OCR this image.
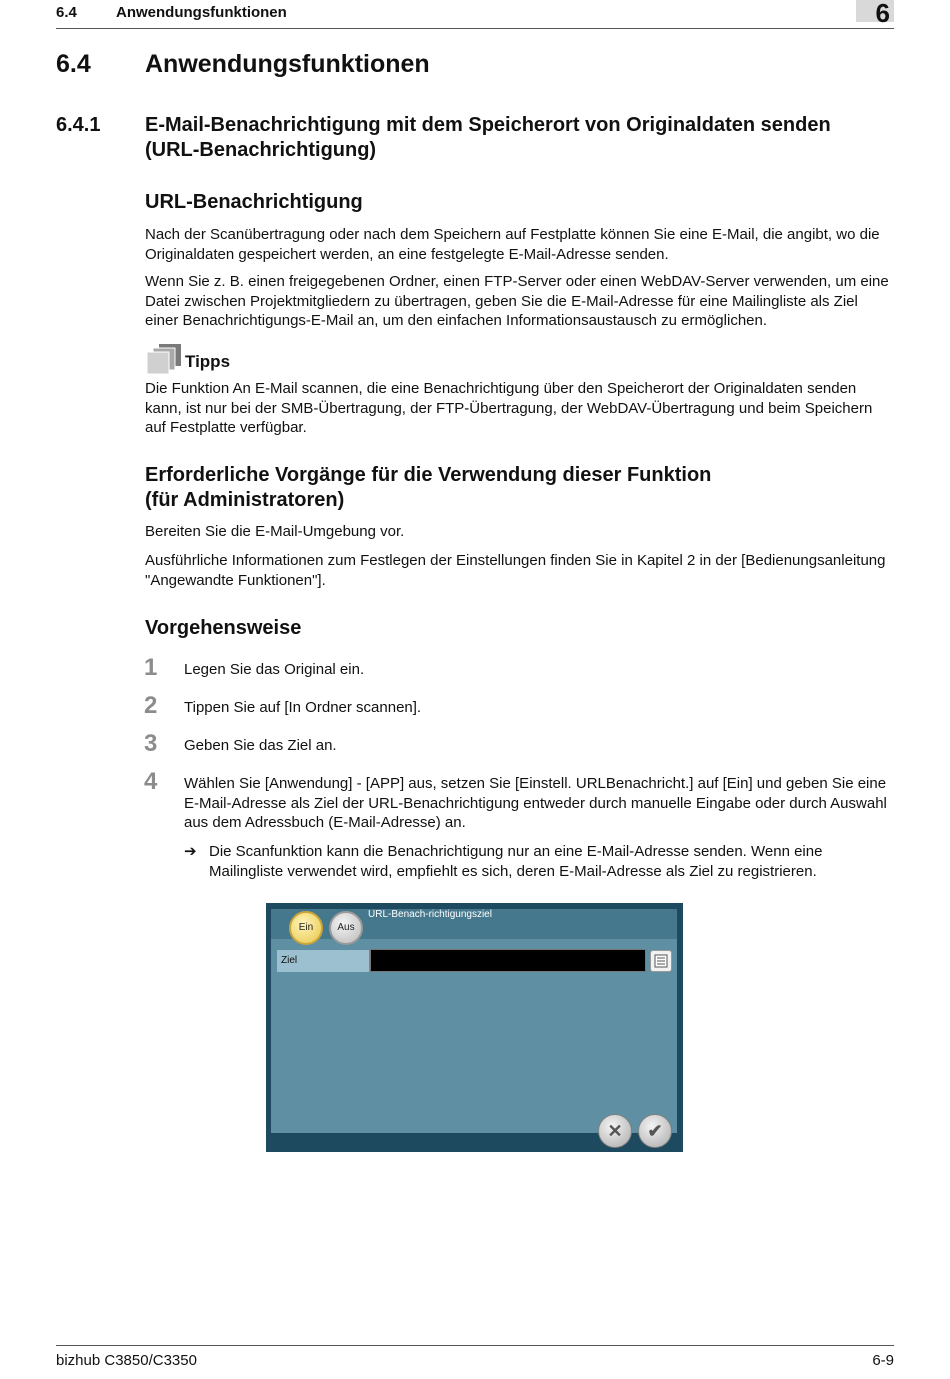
6.4	Anwendungsfunktionen	6
6.4 Anwendungsfunktionen
6.4.1 E-Mail-Benachrichtigung mit dem Speicherort von Originaldaten senden (URL-Benachrichtigung)
URL-Benachrichtigung

Nach der Scanübertragung oder nach dem Speichern auf Festplatte können Sie eine E-Mail, die angibt, wo die Originaldaten gespeichert werden, an eine festgelegte E-Mail-Adresse senden.

Wenn Sie z. B. einen freigegebenen Ordner, einen FTP-Server oder einen WebDAV-Server verwenden, um eine Datei zwischen Projektmitgliedern zu übertragen, geben Sie die E-Mail-Adresse für eine Mailingliste als Ziel einer Benachrichtigungs-E-Mail an, um den einfachen Informationsaustausch zu ermöglichen.

Tipps

Die Funktion An E-Mail scannen, die eine Benachrichtigung über den Speicherort der Originaldaten senden kann, ist nur bei der SMB-Übertragung, der FTP-Übertragung, der WebDAV-Übertragung und beim Speichern auf Festplatte verfügbar.

Erforderliche Vorgänge für die Verwendung dieser Funktion
(für Administratoren)

Bereiten Sie die E-Mail-Umgebung vor.

Ausführliche Informationen zum Festlegen der Einstellungen finden Sie in Kapitel 2 in der [Bedienungsanleitung "Angewandte Funktionen"].

Vorgehensweise
1 Legen Sie das Original ein.
2 Tippen Sie auf [In Ordner scannen].
3 Geben Sie das Ziel an.
4 Wählen Sie [Anwendung] - [APP] aus, setzen Sie [Einstell. URLBenachricht.] auf [Ein] und geben Sie eine E-Mail-Adresse als Ziel der URL-Benachrichtigung entweder durch manuelle Eingabe oder durch Auswahl aus dem Adressbuch (E-Mail-Adresse) an.
➔ Die Scanfunktion kann die Benachrichtigung nur an eine E-Mail-Adresse senden. Wenn eine Mailingliste verwendet wird, empfiehlt es sich, deren E-Mail-Adresse als Ziel zu registrieren.
URL-Benach-richtigungsziel
Ein	Aus
Ziel
✕	✔
bizhub C3850/C3350	6-9
